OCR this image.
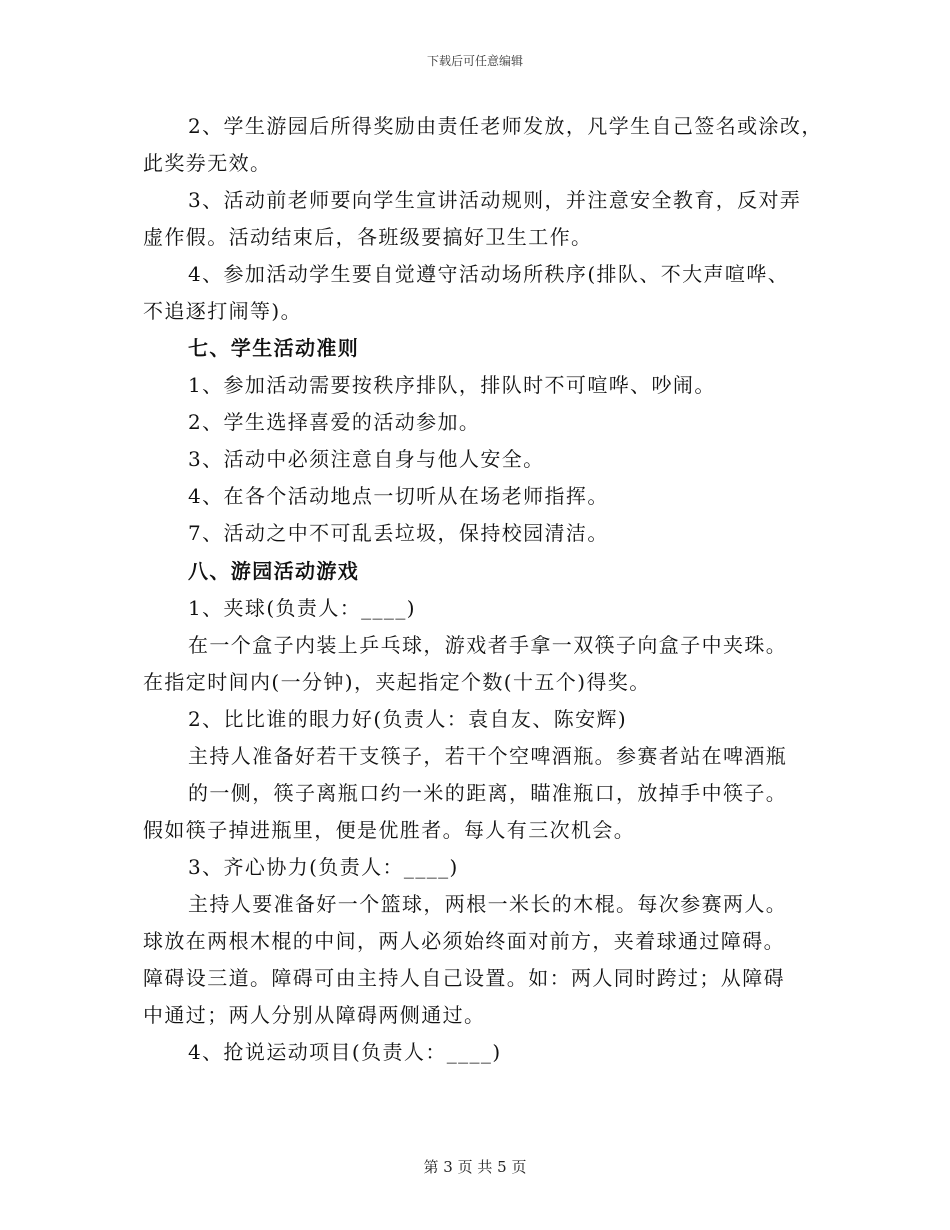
下载后可任意编辑
2、学生游园后所得奖励由责任老师发放，凡学生自己签名或涂改，
此奖券无效。
3、活动前老师要向学生宣讲活动规则，并注意安全教育，反对弄
虚作假。活动结束后，各班级要搞好卫生工作。
4、参加活动学生要自觉遵守活动场所秩序(排队、不大声喧哗、
不追逐打闹等)。
七、学生活动准则
1、参加活动需要按秩序排队，排队时不可喧哗、吵闹。
2、学生选择喜爱的活动参加。
3、活动中必须注意自身与他人安全。
4、在各个活动地点一切听从在场老师指挥。
7、活动之中不可乱丢垃圾，保持校园清洁。
八、游园活动游戏
1、夹球(负责人：____)
在一个盒子内装上乒乓球，游戏者手拿一双筷子向盒子中夹珠。
在指定时间内(一分钟)，夹起指定个数(十五个)得奖。
2、比比谁的眼力好(负责人：袁自友、陈安辉)
主持人准备好若干支筷子，若干个空啤酒瓶。参赛者站在啤酒瓶
的一侧，筷子离瓶口约一米的距离，瞄准瓶口，放掉手中筷子。
假如筷子掉进瓶里，便是优胜者。每人有三次机会。
3、齐心协力(负责人：____)
主持人要准备好一个篮球，两根一米长的木棍。每次参赛两人。
球放在两根木棍的中间，两人必须始终面对前方，夹着球通过障碍。
障碍设三道。障碍可由主持人自己设置。如：两人同时跨过；从障碍
中通过；两人分别从障碍两侧通过。
4、抢说运动项目(负责人：____)
第 3 页 共 5 页
